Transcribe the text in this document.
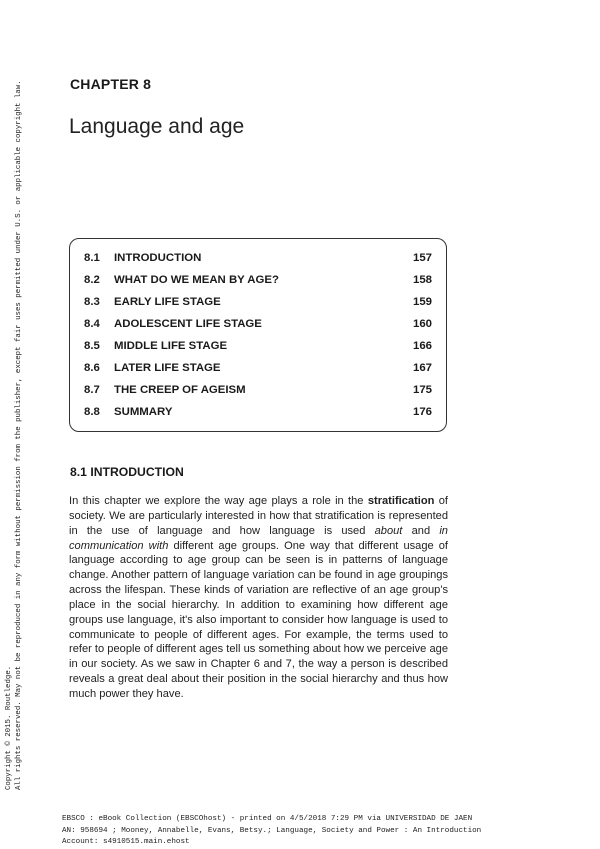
Copyright © 2015. Routledge. All rights reserved. May not be reproduced in any form without permission from the publisher, except fair uses permitted under U.S. or applicable copyright law.	CHAPTER 8
Language and age
8.1 INTRODUCTION	157
8.2 WHAT DO WE MEAN BY AGE?	158
8.3 EARLY LIFE STAGE	159
8.4 ADOLESCENT LIFE STAGE	160
8.5 MIDDLE LIFE STAGE	166
8.6 LATER LIFE STAGE	167
8.7 THE CREEP OF AGEISM	175
8.8 SUMMARY	176
8.1 INTRODUCTION

In this chapter we explore the way age plays a role in the stratification of society. We are particularly interested in how that stratification is represented in the use of language and how language is used about and in communication with different age groups. One way that different usage of language according to age group can be seen is in patterns of language change. Another pattern of language variation can be found in age groupings across the lifespan. These kinds of variation are reflective of an age group's place in the social hierarchy. In addition to examining how different age groups use language, it's also important to consider how language is used to communicate to people of different ages. For example, the terms used to refer to people of different ages tell us something about how we perceive age in our society. As we saw in Chapter 6 and 7, the way a person is described reveals a great deal about their position in the social hierarchy and thus how much power they have.

EBSCO : eBook Collection (EBSCOhost) - printed on 4/5/2018 7:29 PM via UNIVERSIDAD DE JAEN
AN: 958694 ; Mooney, Annabelle, Evans, Betsy.; Language, Society and Power : An Introduction
Account: s4910515.main.ehost
